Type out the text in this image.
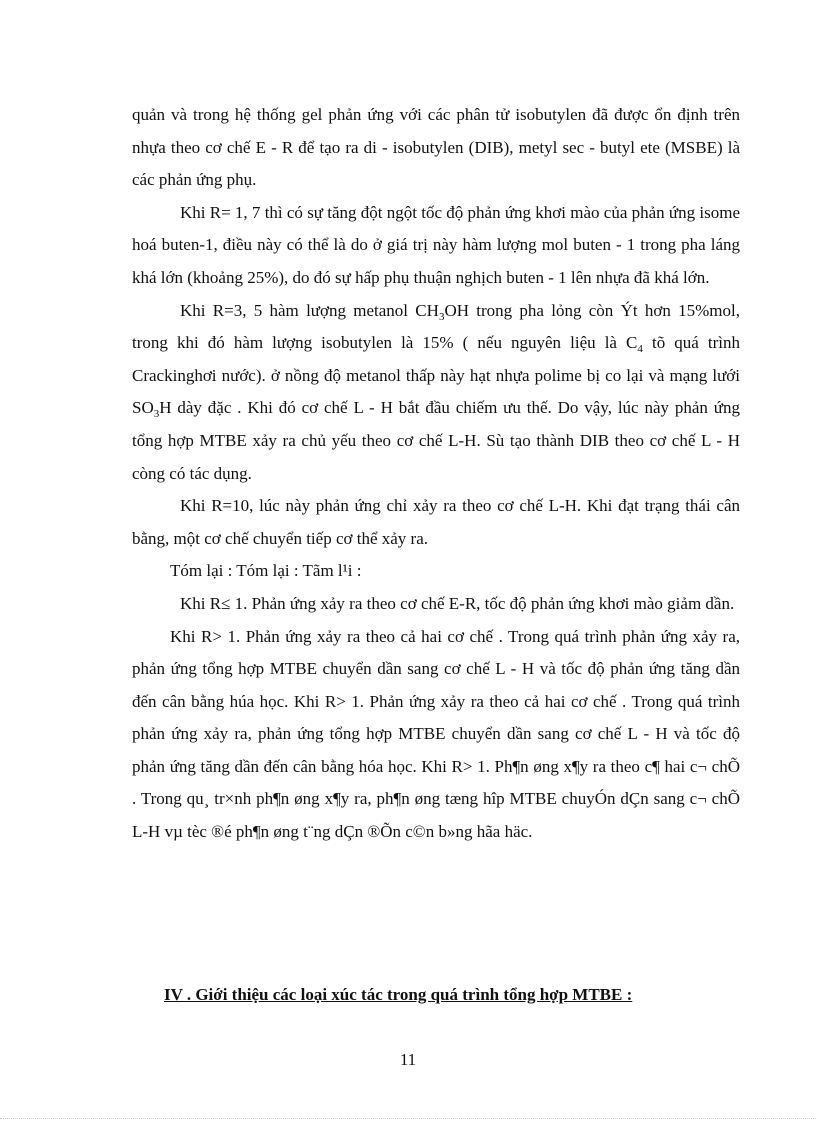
quản và trong hệ thống gel phản ứng với các phân tử isobutylen đã được ổn định trên nhựa theo cơ chế E - R để tạo ra di - isobutylen (DIB), metyl sec - butyl ete (MSBE) là các phản ứng phụ.

Khi R= 1, 7 thì có sự tăng đột ngột tốc độ phản ứng khơi mào của phản ứng isome hoá buten-1, điều này có thể là do ở giá trị này hàm lượng mol buten - 1 trong pha láng khá lớn (khoảng 25%), do đó sự hấp phụ thuận nghịch buten - 1 lên nhựa đã khá lớn.

Khi R=3, 5 hàm lượng metanol $CH_3OH$ trong pha lỏng còn Ýt hơn 15%mol, trong khi đó hàm lượng isobutylen là 15% ( nếu nguyên liệu là $C_4$ tõ quá trình Crackinghơi nước). ở nồng độ metanol thấp này hạt nhựa polime bị co lại và mạng lưới $SO_3H$ dày đặc . Khi đó cơ chế L - H bắt đầu chiếm ưu thế. Do vậy, lúc này phản ứng tổng hợp MTBE xảy ra chủ yếu theo cơ chế L-H. Sù tạo thành DIB theo cơ chế L - H còng có tác dụng.

Khi R=10, lúc này phản ứng chỉ xảy ra theo cơ chế L-H. Khi đạt trạng thái cân bằng, một cơ chế chuyển tiếp cơ thể xảy ra.

Tóm lại : Tóm lại : Tãm l¹i :

Khi R≤ 1. Phản ứng xảy ra theo cơ chế E-R, tốc độ phản ứng khơi mào giảm dần.

Khi R> 1. Phản ứng xảy ra theo cả hai cơ chế . Trong quá trình phản ứng xảy ra, phản ứng tổng hợp MTBE chuyển dần sang cơ chế L - H và tốc độ phản ứng tăng dần đến cân bằng húa học. Khi R> 1. Phản ứng xảy ra theo cả hai cơ chế . Trong quá trình phản ứng xảy ra, phản ứng tổng hợp MTBE chuyển dần sang cơ chế L - H và tốc độ phản ứng tăng dần đến cân bằng hóa học. Khi R> 1. Ph¶n øng x¶y ra theo c¶ hai c¬ chÕ . Trong qu¸ tr×nh ph¶n øng x¶y ra, ph¶n øng tæng hîp MTBE chuyÓn dÇn sang c¬ chÕ L-H vµ tèc ®é ph¶n øng t¨ng dÇn ®Õn c©n b»ng hãa häc.

IV . Giới thiệu các loại xúc tác trong quá trình tổng hợp MTBE :

11
